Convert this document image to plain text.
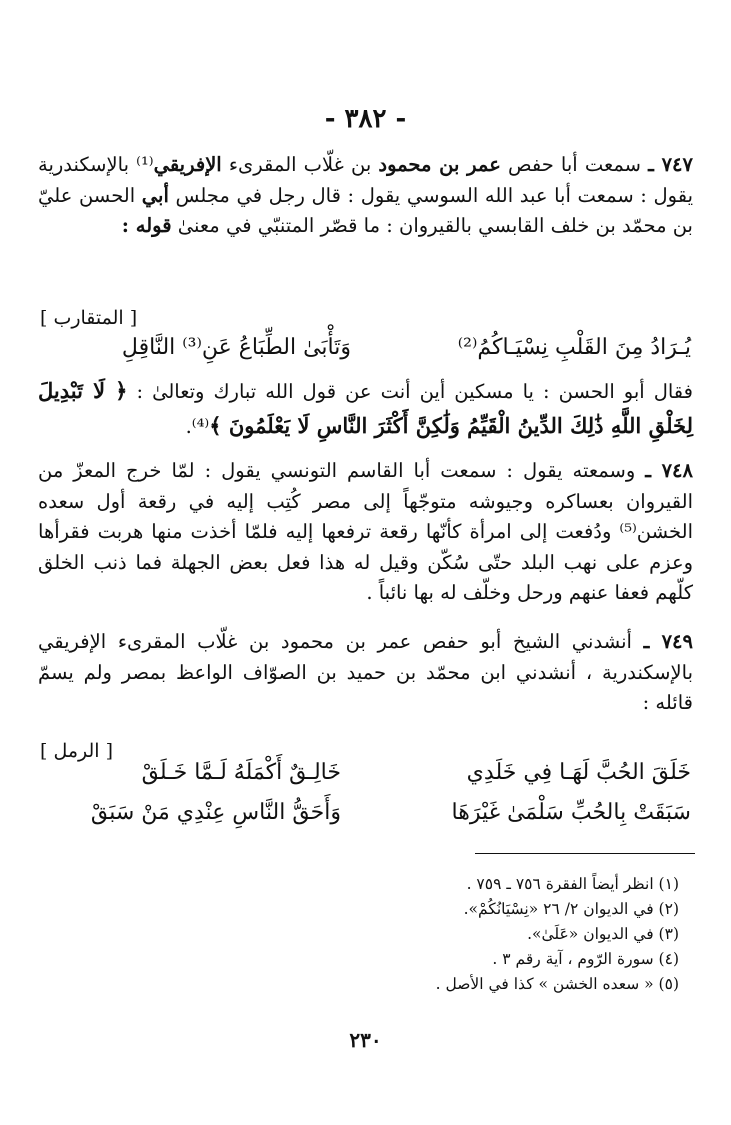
- ٣٨٢ -

٧٤٧ ـ سمعت أبا حفص عمر بن محمود بن غلّاب المقرىء الإفريقي⁽¹⁾ بالإسكندرية يقول : سمعت أبا عبد الله السوسي يقول : قال رجل في مجلس أبي الحسن عليّ بن محمّد بن خلف القابسي بالقيروان : ما قصّر المتنبّي في معنىٰ قوله :

[ المتقارب ]
يُـرَادُ مِنَ القَلْبِ نِسْيَـاكُمُ⁽²⁾
وَتَأْبَىٰ الطِّبَاعُ عَنِ⁽³⁾ النَّاقِلِ

فقال أبو الحسن : يا مسكين أين أنت عن قول الله تبارك وتعالىٰ : ﴿ لَا تَبْدِيلَ لِخَلْقِ اللَّهِ ذَٰلِكَ الدِّينُ الْقَيِّمُ وَلَٰكِنَّ أَكْثَرَ النَّاسِ لَا يَعْلَمُونَ ﴾⁽⁴⁾.

٧٤٨ ـ وسمعته يقول : سمعت أبا القاسم التونسي يقول : لمّا خرج المعزّ من القيروان بعساكره وجيوشه متوجّهاً إلى مصر كُتِب إليه في رقعة أول سعده الخشن⁽⁵⁾ ودُفعت إلى امرأة كأنّها رقعة ترفعها إليه فلمّا أخذت منها هربت فقرأها وعزم على نهب البلد حتّى سُكّن وقيل له هذا فعل بعض الجهلة فما ذنب الخلق كلّهم فعفا عنهم ورحل وخلّف له بها نائباً .

٧٤٩ ـ أنشدني الشيخ أبو حفص عمر بن محمود بن غلّاب المقرىء الإفريقي بالإسكندرية ، أنشدني ابن محمّد بن حميد بن الصوّاف الواعظ بمصر ولم يسمّ قائله :

[ الرمل ]
خَلَقَ الحُبَّ لَهَـا فِي خَلَدِي
خَالِـقٌ أَكْمَلَهُ لَـمَّا خَـلَقْ
سَبَقَتْ بِالحُبِّ سَلْمَىٰ غَيْرَهَا
وَأَحَقُّ النَّاسِ عِنْدِي مَنْ سَبَقْ
(١) انظر أيضاً الفقرة ٧٥٦ ـ ٧٥٩ .
(٢) في الديوان ٢/ ٢٦ «نِسْيَانُكُمْ».
(٣) في الديوان «عَلَىٰ».
(٤) سورة الرّوم ، آية رقم ٣ .
(٥) « سعده الخشن » كذا في الأصل .
٢٣٠
